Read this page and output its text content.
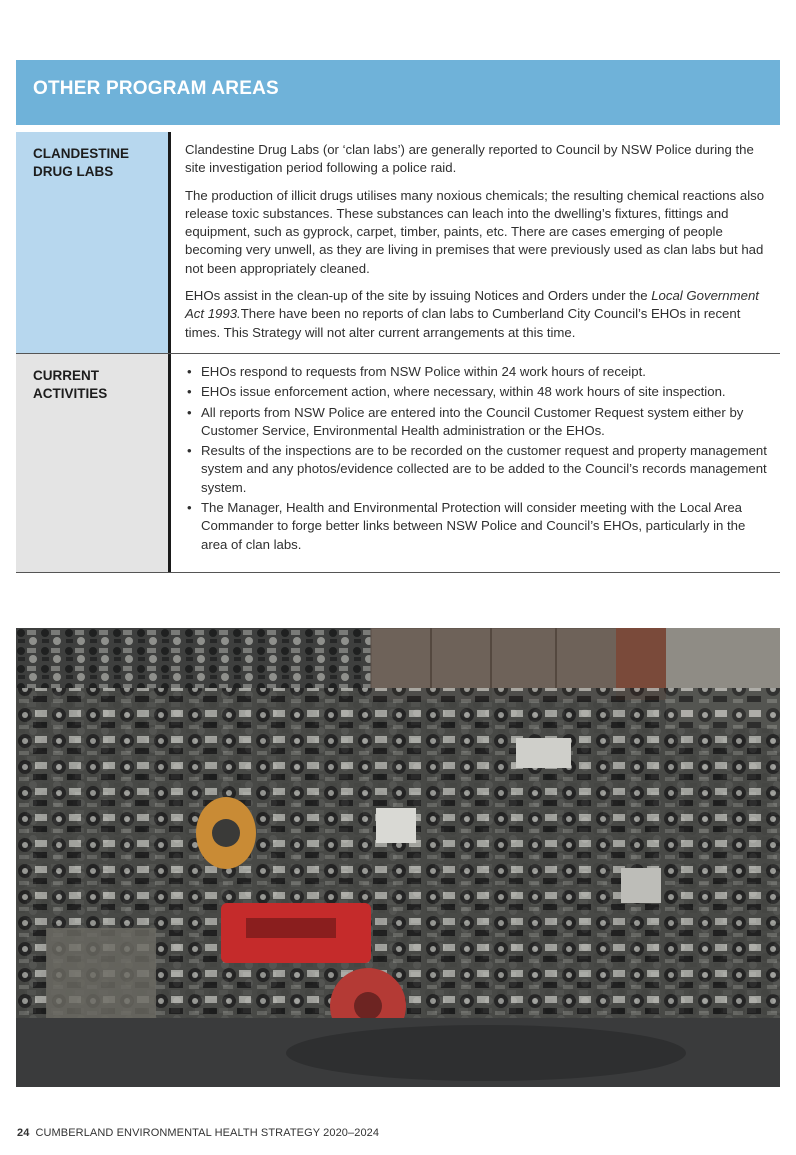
OTHER PROGRAM AREAS
CLANDESTINE DRUG LABS

Clandestine Drug Labs (or ‘clan labs’) are generally reported to Council by NSW Police during the site investigation period following a police raid.

The production of illicit drugs utilises many noxious chemicals; the resulting chemical reactions also release toxic substances. These substances can leach into the dwelling’s fixtures, fittings and equipment, such as gyprock, carpet, timber, paints, etc. There are cases emerging of people becoming very unwell, as they are living in premises that were previously used as clan labs but had not been appropriately cleaned.

EHOs assist in the clean-up of the site by issuing Notices and Orders under the Local Government Act 1993.There have been no reports of clan labs to Cumberland City Council’s EHOs in recent times. This Strategy will not alter current arrangements at this time.

CURRENT ACTIVITIES
• EHOs respond to requests from NSW Police within 24 work hours of receipt.
• EHOs issue enforcement action, where necessary, within 48 work hours of site inspection.
• All reports from NSW Police are entered into the Council Customer Request system either by Customer Service, Environmental Health administration or the EHOs.
• Results of the inspections are to be recorded on the customer request and property management system and any photos/evidence collected are to be added to the Council’s records management system.
• The Manager, Health and Environmental Protection will consider meeting with the Local Area Commander to forge better links between NSW Police and Council’s EHOs, particularly in the area of clan labs.
24 CUMBERLAND ENVIRONMENTAL HEALTH STRATEGY 2020–2024
